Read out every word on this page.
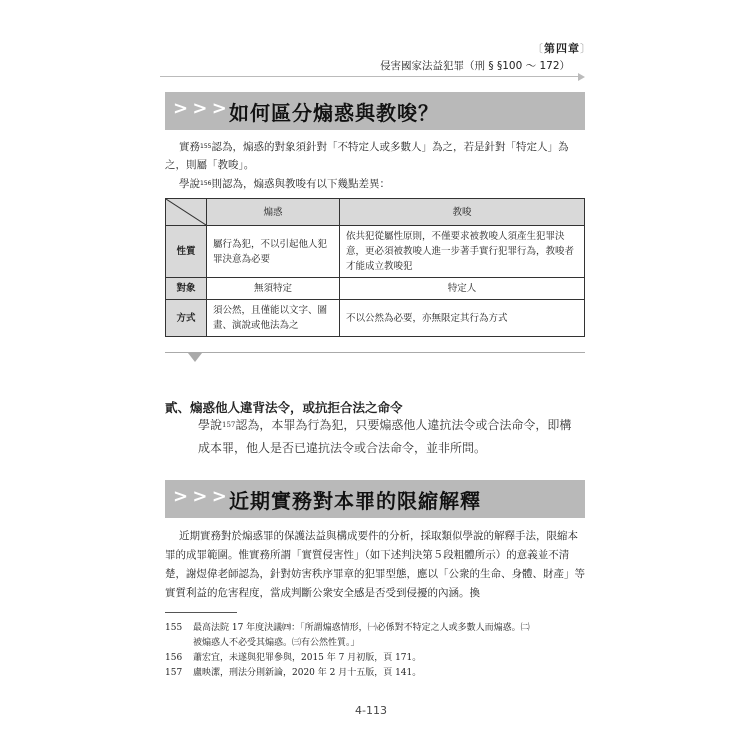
〔第四章〕
侵害國家法益犯罪（刑 § §100 ～ 172）
> > > 如何區分煽惑與教唆？
實務$^{155}$認為，煽惑的對象須針對「不特定人或多數人」為之，若是針對「特定人」為之，則屬「教唆」。
學說$^{156}$則認為，煽惑與教唆有以下幾點差異：
	煽惑	教唆
性質	屬行為犯，不以引起他人犯罪決意為必要	依共犯從屬性原則，不僅要求被教唆人須產生犯罪決意，更必須被教唆人進一步著手實行犯罪行為，教唆者才能成立教唆犯
對象	無須特定	特定人
方式	須公然，且僅能以文字、圖畫、演說或他法為之	不以公然為必要，亦無限定其行為方式
貳、煽惑他人違背法令，或抗拒合法之命令
學說$^{157}$認為，本罪為行為犯，只要煽惑他人違抗法令或合法命令，即構
成本罪，他人是否已違抗法令或合法命令，並非所問。
> > > 近期實務對本罪的限縮解釋
近期實務對於煽惑罪的保護法益與構成要件的分析，採取類似學說的解釋手法，限縮本罪的成罪範圍。惟實務所謂「實質侵害性」（如下述判決第５段粗體所示）的意義並不清楚，謝煜偉老師認為，針對妨害秩序罪章的犯罪型態，應以「公衆的生命、身體、財產」等實質利益的危害程度，當成判斷公衆安全感是否受到侵擾的內涵。換
155 最高法院 17 年度決議㈣：「所謂煽惑情形，㈠必係對不特定之人或多數人而煽惑。㈡
被煽惑人不必受其煽惑。㈢有公然性質。」
156 蕭宏宜，未遂與犯罪參與，2015 年 7 月初版，頁 171。
157 盧映潔，刑法分則新論，2020 年 2 月十五版，頁 141。
4-113
